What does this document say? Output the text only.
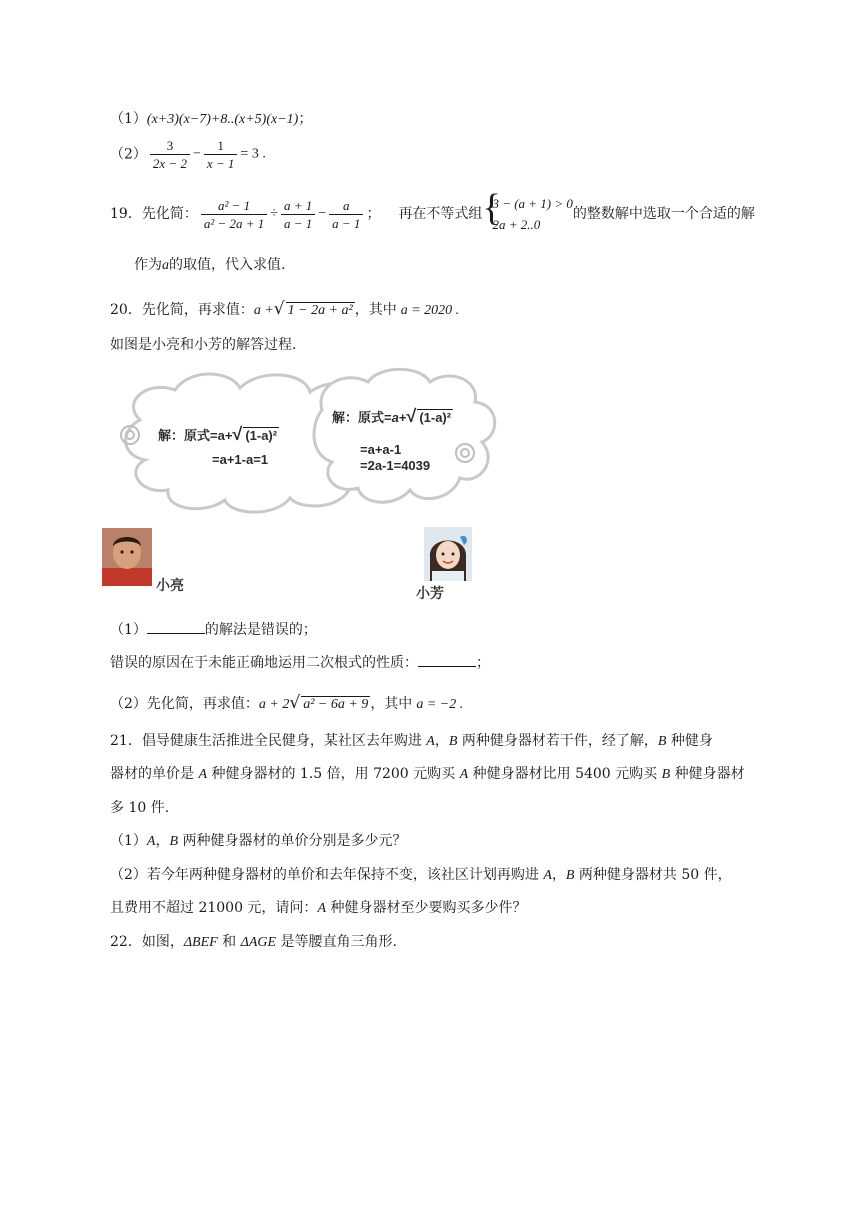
（1）(x+3)(x−7)+8..(x+5)(x−1)；
$(2) \frac{3}{2x - 2} - \frac{1}{x - 1} = 3$ .
19．先化简： $\frac{\text{a² − 1}}{\text{a² − 2a + 1}} \div \frac{a + 1}{a - 1} - \frac{a}{a - 1}$ ； 再在不等式组 {
3 − (a + 1) > 0
2a + 2..0
的整数解中选取一个合适的解
作为a的取值，代入求值.
20．先化简，再求值：a +√ 1 − 2a + a² ，其中 a = 2020 .
如图是小亮和小芳的解答过程.
解：原式=a+√ (1-a)²
=a+1-a=1
解：原式=a+√ (1-a)²
=a+a-1
=2a-1=4039
小亮	小芳
（1）	的解法是错误的；
错误的原因在于未能正确地运用二次根式的性质：	；
（2）先化简，再求值：a + 2√ a² − 6a + 9 ，其中 a = −2 .
21．倡导健康生活推进全民健身，某社区去年购进 A，B 两种健身器材若干件，经了解，B 种健身
器材的单价是 A 种健身器材的 1.5 倍，用 7200 元购买 A 种健身器材比用 5400 元购买 B 种健身器材
多 10 件.
（1）A，B 两种健身器材的单价分别是多少元？
（2）若今年两种健身器材的单价和去年保持不变，该社区计划再购进 A，B 两种健身器材共 50 件，
且费用不超过 21000 元，请问：A 种健身器材至少要购买多少件？
22．如图，ΔBEF 和 ΔAGE 是等腰直角三角形.
